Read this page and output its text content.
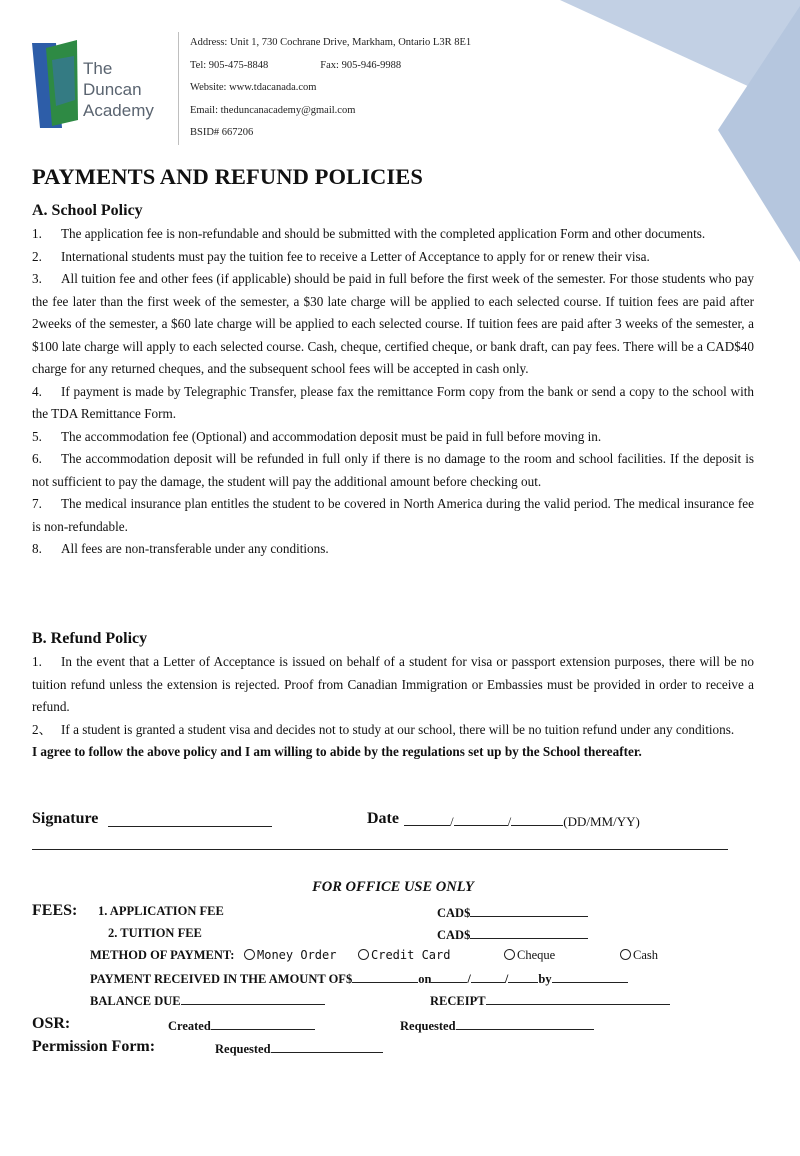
The
Duncan
Academy
Address: Unit 1, 730 Cochrane Drive, Markham, Ontario L3R 8E1
Tel: 905-475-8848	Fax: 905-946-9988
Website: www.tdacanada.com
Email: theduncanacademy@gmail.com
BSID# 667206
PAYMENTS AND REFUND POLICIES
A. School Policy

1. The application fee is non-refundable and should be submitted with the completed application Form and other documents.

2. International students must pay the tuition fee to receive a Letter of Acceptance to apply for or renew their visa.

3. All tuition fee and other fees (if applicable) should be paid in full before the first week of the semester. For those students who pay the fee later than the first week of the semester, a $30 late charge will be applied to each selected course. If tuition fees are paid after 2weeks of the semester, a $60 late charge will be applied to each selected course. If tuition fees are paid after 3 weeks of the semester, a $100 late charge will apply to each selected course. Cash, cheque, certified cheque, or bank draft, can pay fees. There will be a CAD$40 charge for any returned cheques, and the subsequent school fees will be accepted in cash only.

4. If payment is made by Telegraphic Transfer, please fax the remittance Form copy from the bank or send a copy to the school with the TDA Remittance Form.

5. The accommodation fee (Optional) and accommodation deposit must be paid in full before moving in.

6. The accommodation deposit will be refunded in full only if there is no damage to the room and school facilities. If the deposit is not sufficient to pay the damage, the student will pay the additional amount before checking out.

7. The medical insurance plan entitles the student to be covered in North America during the valid period. The medical insurance fee is non-refundable.

8. All fees are non-transferable under any conditions.

B. Refund Policy

1. In the event that a Letter of Acceptance is issued on behalf of a student for visa or passport extension purposes, there will be no tuition refund unless the extension is rejected. Proof from Canadian Immigration or Embassies must be provided in order to receive a refund.

2、 If a student is granted a student visa and decides not to study at our school, there will be no tuition refund under any conditions.

I agree to follow the above policy and I am willing to abide by the regulations set up by the School thereafter.

Signature	Date	/	/	(DD/MM/YY)
FOR OFFICE USE ONLY
FEES: 1. APPLICATION FEE	CAD$
2. TUITION FEE	CAD$
METHOD OF PAYMENT:	Money Order	Credit Card	Cheque	Cash
PAYMENT RECEIVED IN THE AMOUNT OF$	on	/	/ by
BALANCE DUE	RECEIPT
OSR:	Created	Requested
Permission Form:	Requested
